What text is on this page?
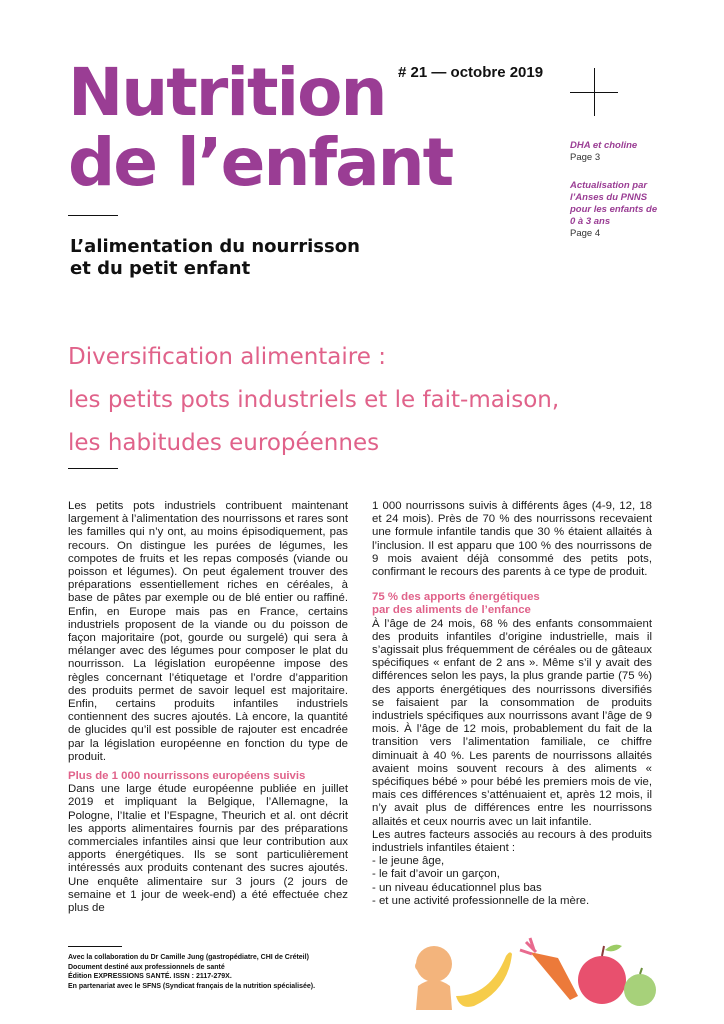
Nutrition
de l’enfant
# 21 — octobre 2019
DHA et choline
Page 3
Actualisation par l’Anses du PNNS pour les enfants de 0 à 3 ans
Page 4
L’alimentation du nourrisson
et du petit enfant
Diversification alimentaire :
les petits pots industriels et le fait-maison,
les habitudes européennes

Les petits pots industriels contribuent maintenant largement à l’alimentation des nourrissons et rares sont les familles qui n’y ont, au moins épisodiquement, pas recours. On distingue les purées de légumes, les compotes de fruits et les repas composés (viande ou poisson et légumes). On peut également trouver des préparations essentiellement riches en céréales, à base de pâtes par exemple ou de blé entier ou raffiné. Enfin, en Europe mais pas en France, certains industriels proposent de la viande ou du poisson de façon majoritaire (pot, gourde ou surgelé) qui sera à mélanger avec des légumes pour composer le plat du nourrisson. La législation européenne impose des règles concernant l’étiquetage et l’ordre d’apparition des produits permet de savoir lequel est majoritaire. Enfin, certains produits infantiles industriels contiennent des sucres ajoutés. Là encore, la quantité de glucides qu’il est possible de rajouter est encadrée par la législation européenne en fonction du type de produit.

Plus de 1 000 nourrissons européens suivis

Dans une large étude européenne publiée en juillet 2019 et impliquant la Belgique, l’Allemagne, la Pologne, l’Italie et l’Espagne, Theurich et al. ont décrit les apports alimentaires fournis par des préparations commerciales infantiles ainsi que leur contribution aux apports énergétiques. Ils se sont particulièrement intéressés aux produits contenant des sucres ajoutés. Une enquête alimentaire sur 3 jours (2 jours de semaine et 1 jour de week-end) a été effectuée chez plus de

1 000 nourrissons suivis à différents âges (4-9, 12, 18 et 24 mois). Près de 70 % des nourrissons recevaient une formule infantile tandis que 30 % étaient allaités à l’inclusion. Il est apparu que 100 % des nourrissons de 9 mois avaient déjà consommé des petits pots, confirmant le recours des parents à ce type de produit.

75 % des apports énergétiques
par des aliments de l’enfance

À l’âge de 24 mois, 68 % des enfants consommaient des produits infantiles d’origine industrielle, mais il s’agissait plus fréquemment de céréales ou de gâteaux spécifiques « enfant de 2 ans ». Même s’il y avait des différences selon les pays, la plus grande partie (75 %) des apports énergétiques des nourrissons diversifiés se faisaient par la consommation de produits industriels spécifiques aux nourrissons avant l’âge de 9 mois. À l’âge de 12 mois, probablement du fait de la transition vers l’alimentation familiale, ce chiffre diminuait à 40 %. Les parents de nourrissons allaités avaient moins souvent recours à des aliments « spécifiques bébé » pour bébé les premiers mois de vie, mais ces différences s’atténuaient et, après 12 mois, il n’y avait plus de différences entre les nourrissons allaités et ceux nourris avec un lait infantile.

Les autres facteurs associés au recours à des produits industriels infantiles étaient :

- le jeune âge,
- le fait d’avoir un garçon,
- un niveau éducationnel plus bas
- et une activité professionnelle de la mère.
Avec la collaboration du Dr Camille Jung (gastropédiatre, CHI de Créteil)
Document destiné aux professionnels de santé
Édition EXPRESSIONS SANTÉ. ISSN : 2117-279X.
En partenariat avec le SFNS (Syndicat français de la nutrition spécialisée).
